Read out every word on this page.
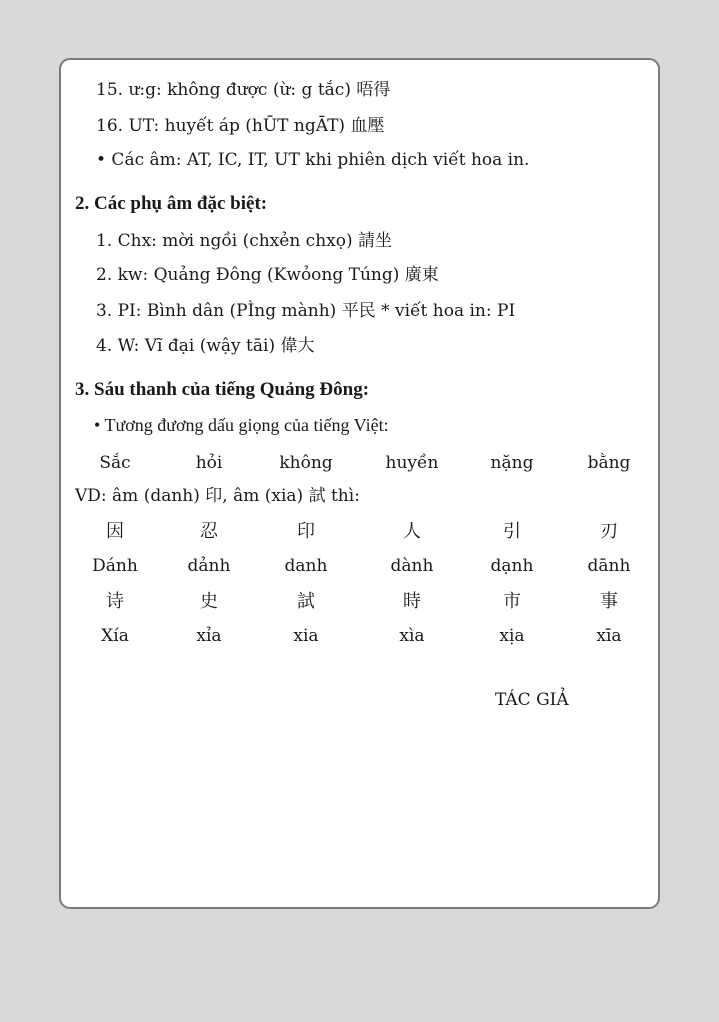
15. ư:g: không được (ừ: g tắc) 唔得
16. UT: huyết áp (hŪT ngĀT) 血壓
• Các âm: AT, IC, IT, UT khi phiên dịch viết hoa in.
2. Các phụ âm đặc biệt:
1. Chx: mời ngồi (chxẻn chxọ) 請坐
2. kw: Quảng Đông (Kwỏong Túng) 廣東
3. PI: Bình dân (PÌng mành) 平民 * viết hoa in: PI
4. W: Vĩ đại (wậy tāi) 偉大
3. Sáu thanh của tiếng Quảng Đông:
• Tương đương dấu giọng của tiếng Việt:
Sắc	hỏi	không	huyền	nặng	bằng
VD: âm (danh) 印, âm (xia) 試 thì:
因	忍	印	人	引	刃
Dánh	dảnh	danh	dành	dạnh	dānh
诗	史	試	時	市	事
Xía	xỉa	xia	xìa	xịa	xīa
TÁC GIẢ
